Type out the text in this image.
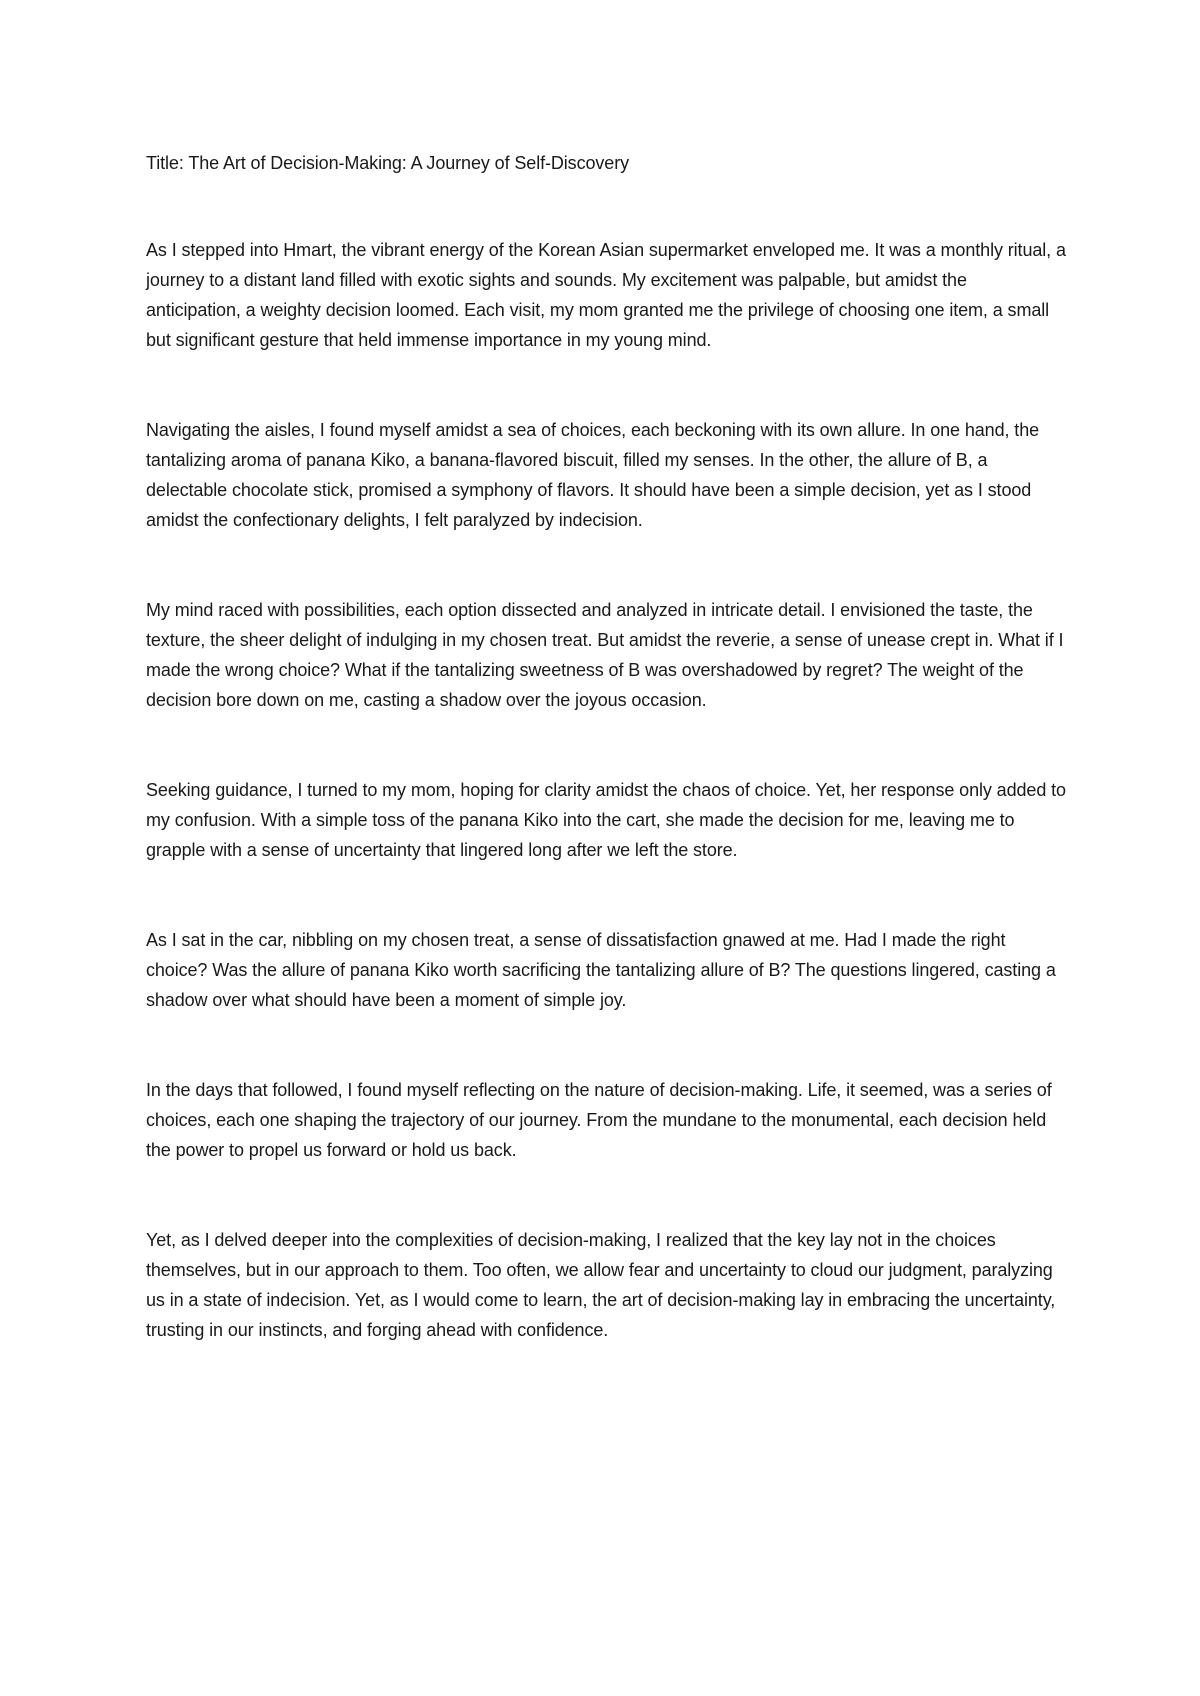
Title: The Art of Decision-Making: A Journey of Self-Discovery

As I stepped into Hmart, the vibrant energy of the Korean Asian supermarket enveloped me. It was a monthly ritual, a journey to a distant land filled with exotic sights and sounds. My excitement was palpable, but amidst the anticipation, a weighty decision loomed. Each visit, my mom granted me the privilege of choosing one item, a small but significant gesture that held immense importance in my young mind.

Navigating the aisles, I found myself amidst a sea of choices, each beckoning with its own allure. In one hand, the tantalizing aroma of panana Kiko, a banana-flavored biscuit, filled my senses. In the other, the allure of B, a delectable chocolate stick, promised a symphony of flavors. It should have been a simple decision, yet as I stood amidst the confectionary delights, I felt paralyzed by indecision.

My mind raced with possibilities, each option dissected and analyzed in intricate detail. I envisioned the taste, the texture, the sheer delight of indulging in my chosen treat. But amidst the reverie, a sense of unease crept in. What if I made the wrong choice? What if the tantalizing sweetness of B was overshadowed by regret? The weight of the decision bore down on me, casting a shadow over the joyous occasion.

Seeking guidance, I turned to my mom, hoping for clarity amidst the chaos of choice. Yet, her response only added to my confusion. With a simple toss of the panana Kiko into the cart, she made the decision for me, leaving me to grapple with a sense of uncertainty that lingered long after we left the store.

As I sat in the car, nibbling on my chosen treat, a sense of dissatisfaction gnawed at me. Had I made the right choice? Was the allure of panana Kiko worth sacrificing the tantalizing allure of B? The questions lingered, casting a shadow over what should have been a moment of simple joy.

In the days that followed, I found myself reflecting on the nature of decision-making. Life, it seemed, was a series of choices, each one shaping the trajectory of our journey. From the mundane to the monumental, each decision held the power to propel us forward or hold us back.

Yet, as I delved deeper into the complexities of decision-making, I realized that the key lay not in the choices themselves, but in our approach to them. Too often, we allow fear and uncertainty to cloud our judgment, paralyzing us in a state of indecision. Yet, as I would come to learn, the art of decision-making lay in embracing the uncertainty, trusting in our instincts, and forging ahead with confidence.
